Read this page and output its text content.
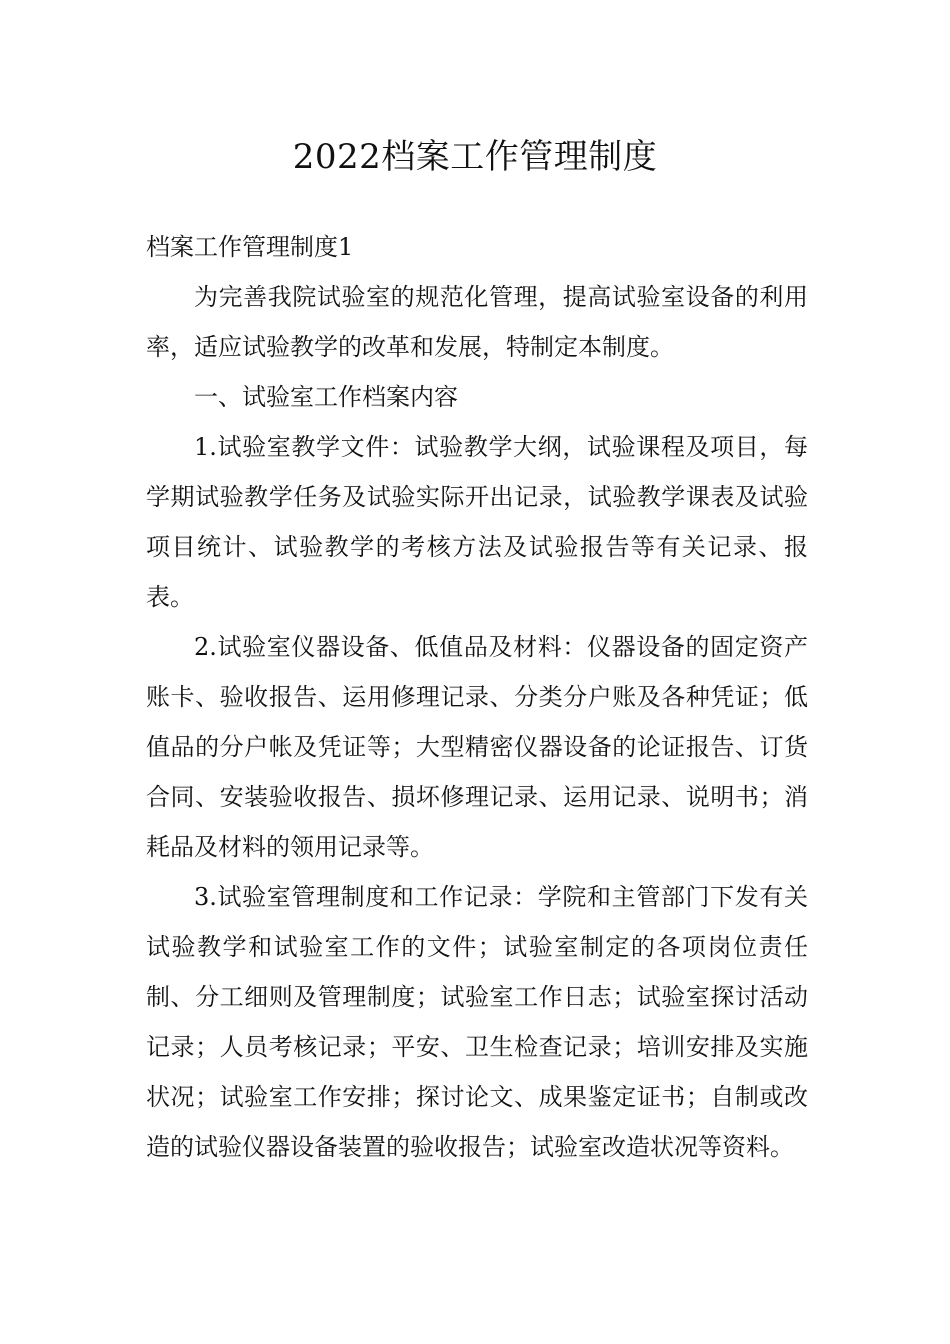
2022档案工作管理制度

档案工作管理制度1

为完善我院试验室的规范化管理，提高试验室设备的利用率，适应试验教学的改革和发展，特制定本制度。

一、试验室工作档案内容

1.试验室教学文件：试验教学大纲，试验课程及项目，每学期试验教学任务及试验实际开出记录，试验教学课表及试验项目统计、试验教学的考核方法及试验报告等有关记录、报表。

2.试验室仪器设备、低值品及材料：仪器设备的固定资产账卡、验收报告、运用修理记录、分类分户账及各种凭证；低值品的分户帐及凭证等；大型精密仪器设备的论证报告、订货合同、安装验收报告、损坏修理记录、运用记录、说明书；消耗品及材料的领用记录等。

3.试验室管理制度和工作记录：学院和主管部门下发有关试验教学和试验室工作的文件；试验室制定的各项岗位责任制、分工细则及管理制度；试验室工作日志；试验室探讨活动记录；人员考核记录；平安、卫生检查记录；培训安排及实施状况；试验室工作安排；探讨论文、成果鉴定证书；自制或改造的试验仪器设备装置的验收报告；试验室改造状况等资料。
